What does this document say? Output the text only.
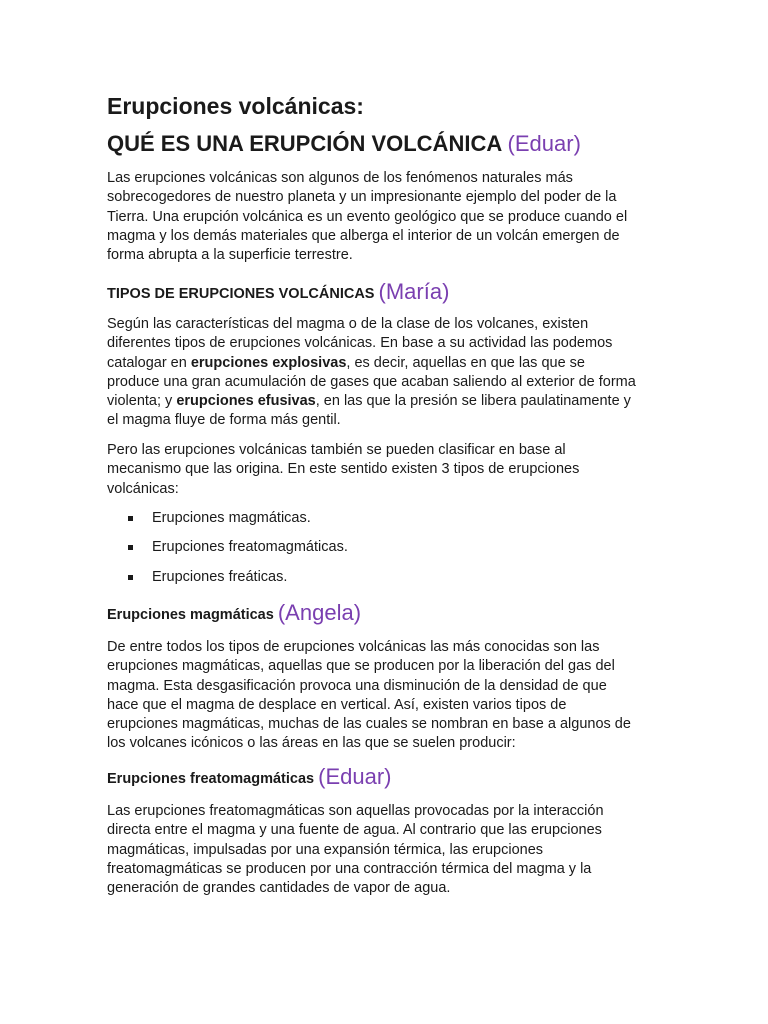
Erupciones volcánicas:
QUÉ ES UNA ERUPCIÓN VOLCÁNICA (Eduar)

Las erupciones volcánicas son algunos de los fenómenos naturales más
sobrecogedores de nuestro planeta y un impresionante ejemplo del poder de la
Tierra. Una erupción volcánica es un evento geológico que se produce cuando el
magma y los demás materiales que alberga el interior de un volcán emergen de
forma abrupta a la superficie terrestre.

TIPOS DE ERUPCIONES VOLCÁNICAS (María)

Según las características del magma o de la clase de los volcanes, existen
diferentes tipos de erupciones volcánicas. En base a su actividad las podemos
catalogar en erupciones explosivas, es decir, aquellas en que las que se
produce una gran acumulación de gases que acaban saliendo al exterior de forma
violenta; y erupciones efusivas, en las que la presión se libera paulatinamente y
el magma fluye de forma más gentil.

Pero las erupciones volcánicas también se pueden clasificar en base al
mecanismo que las origina. En este sentido existen 3 tipos de erupciones
volcánicas:

Erupciones magmáticas.
Erupciones freatomagmáticas.
Erupciones freáticas.
Erupciones magmáticas (Angela)

De entre todos los tipos de erupciones volcánicas las más conocidas son las
erupciones magmáticas, aquellas que se producen por la liberación del gas del
magma. Esta desgasificación provoca una disminución de la densidad de que
hace que el magma de desplace en vertical. Así, existen varios tipos de
erupciones magmáticas, muchas de las cuales se nombran en base a algunos de
los volcanes icónicos o las áreas en las que se suelen producir:

Erupciones freatomagmáticas (Eduar)

Las erupciones freatomagmáticas son aquellas provocadas por la interacción
directa entre el magma y una fuente de agua. Al contrario que las erupciones
magmáticas, impulsadas por una expansión térmica, las erupciones
freatomagmáticas se producen por una contracción térmica del magma y la
generación de grandes cantidades de vapor de agua.
